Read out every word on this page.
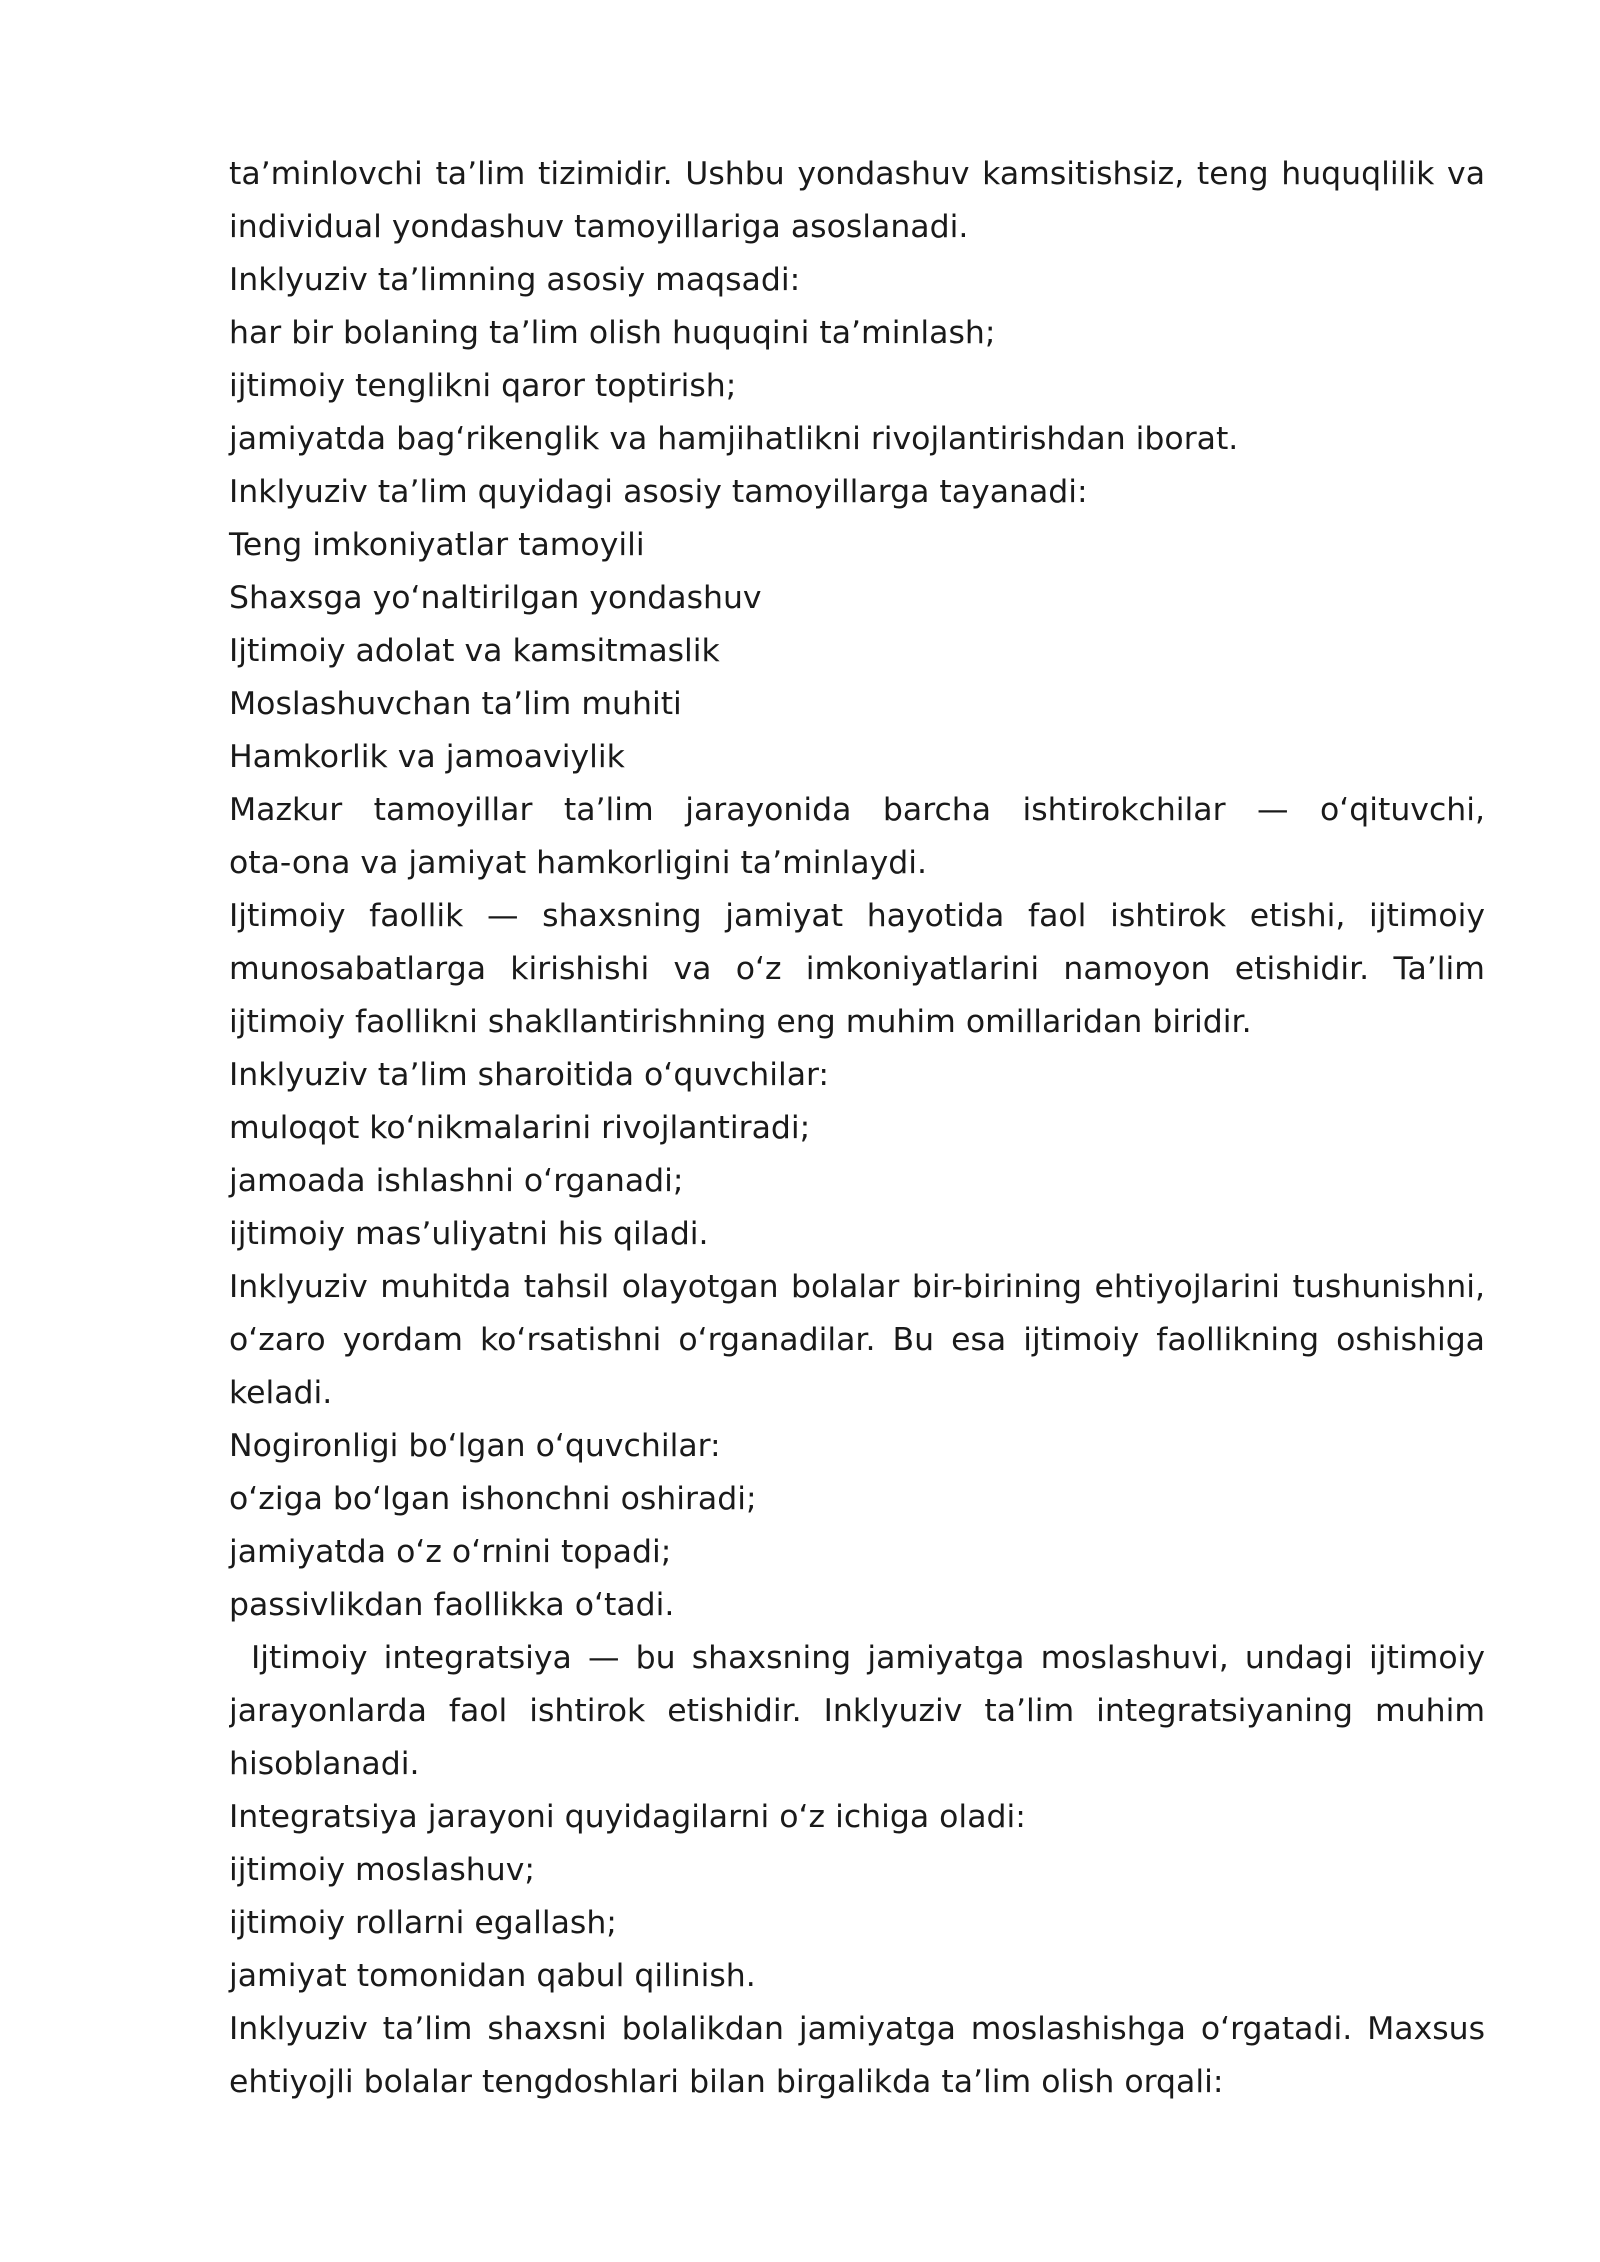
ta’minlovchi ta’lim tizimidir. Ushbu yondashuv kamsitishsiz, teng huquqlilik va
individual yondashuv tamoyillariga asoslanadi.
Inklyuziv ta’limning asosiy maqsadi:
har bir bolaning ta’lim olish huquqini ta’minlash;
ijtimoiy tenglikni qaror toptirish;
jamiyatda bagʻrikenglik va hamjihatlikni rivojlantirishdan iborat.
Inklyuziv ta’lim quyidagi asosiy tamoyillarga tayanadi:
Teng imkoniyatlar tamoyili
Shaxsga yoʻnaltirilgan yondashuv
Ijtimoiy adolat va kamsitmaslik
Moslashuvchan ta’lim muhiti
Hamkorlik va jamoaviylik
Mazkur tamoyillar ta’lim jarayonida barcha ishtirokchilar — oʻqituvchi,
ota-ona va jamiyat hamkorligini ta’minlaydi.
Ijtimoiy faollik — shaxsning jamiyat hayotida faol ishtirok etishi, ijtimoiy
munosabatlarga kirishishi va oʻz imkoniyatlarini namoyon etishidir. Ta’lim
ijtimoiy faollikni shakllantirishning eng muhim omillaridan biridir.
Inklyuziv ta’lim sharoitida oʻquvchilar:
muloqot koʻnikmalarini rivojlantiradi;
jamoada ishlashni oʻrganadi;
ijtimoiy mas’uliyatni his qiladi.
Inklyuziv muhitda tahsil olayotgan bolalar bir-birining ehtiyojlarini tushunishni,
oʻzaro yordam koʻrsatishni oʻrganadilar. Bu esa ijtimoiy faollikning oshishiga
keladi.
Nogironligi boʻlgan oʻquvchilar:
oʻziga boʻlgan ishonchni oshiradi;
jamiyatda oʻz oʻrnini topadi;
passivlikdan faollikka oʻtadi.
Ijtimoiy integratsiya — bu shaxsning jamiyatga moslashuvi, undagi ijtimoiy
jarayonlarda faol ishtirok etishidir. Inklyuziv ta’lim integratsiyaning muhim
hisoblanadi.
Integratsiya jarayoni quyidagilarni oʻz ichiga oladi:
ijtimoiy moslashuv;
ijtimoiy rollarni egallash;
jamiyat tomonidan qabul qilinish.
Inklyuziv ta’lim shaxsni bolalikdan jamiyatga moslashishga oʻrgatadi. Maxsus
ehtiyojli bolalar tengdoshlari bilan birgalikda ta’lim olish orqali:
